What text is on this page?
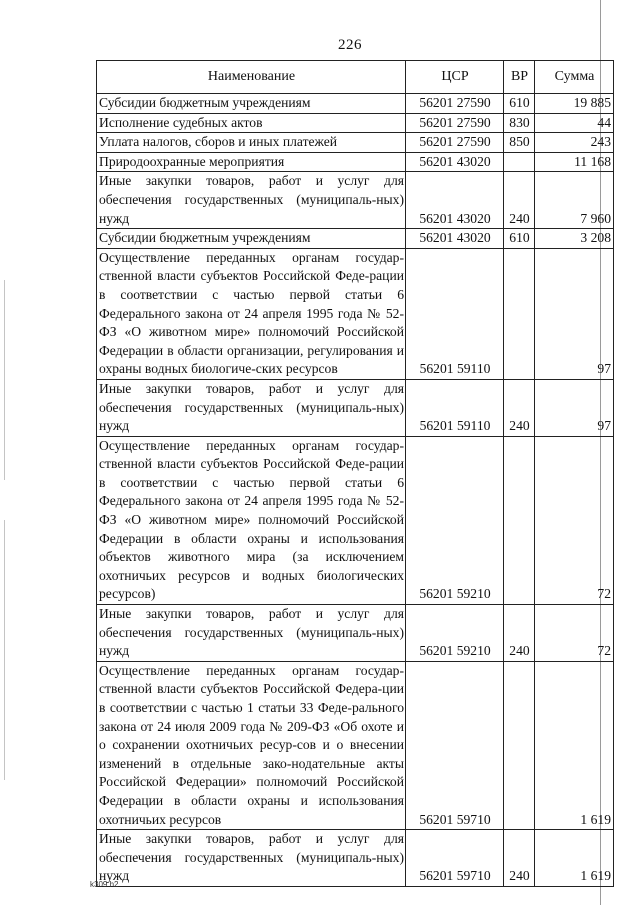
226
Наименование	ЦСР	ВР	Сумма
Субсидии бюджетным учреждениям	56201 27590	610	19 885
Исполнение судебных актов	56201 27590	830	44
Уплата налогов, сборов и иных платежей	56201 27590	850	243
Природоохранные мероприятия	56201 43020		11 168
Иные закупки товаров, работ и услуг для обеспечения государственных (муниципаль-ных) нужд	56201 43020	240	7 960
Субсидии бюджетным учреждениям	56201 43020	610	3 208
Осуществление переданных органам государ-ственной власти субъектов Российской Феде-рации в соответствии с частью первой статьи 6 Федерального закона от 24 апреля 1995 года № 52-ФЗ «О животном мире» полномочий Российской Федерации в области организации, регулирования и охраны водных биологиче-ских ресурсов	56201 59110		97
Иные закупки товаров, работ и услуг для обеспечения государственных (муниципаль-ных) нужд	56201 59110	240	97
Осуществление переданных органам государ-ственной власти субъектов Российской Феде-рации в соответствии с частью первой статьи 6 Федерального закона от 24 апреля 1995 года № 52-ФЗ «О животном мире» полномочий Российской Федерации в области охраны и использования объектов животного мира (за исключением охотничьих ресурсов и водных биологических ресурсов)	56201 59210		72
Иные закупки товаров, работ и услуг для обеспечения государственных (муниципаль-ных) нужд	56201 59210	240	72
Осуществление переданных органам государ-ственной власти субъектов Российской Федера-ции в соответствии с частью 1 статьи 33 Феде-рального закона от 24 июля 2009 года № 209-ФЗ «Об охоте и о сохранении охотничьих ресур-сов и о внесении изменений в отдельные зако-нодательные акты Российской Федерации» полномочий Российской Федерации в области охраны и использования охотничьих ресурсов	56201 59710		1 619
Иные закупки товаров, работ и услуг для обеспечения государственных (муниципаль-ных) нужд	56201 59710	240	1 619
k309 h2
